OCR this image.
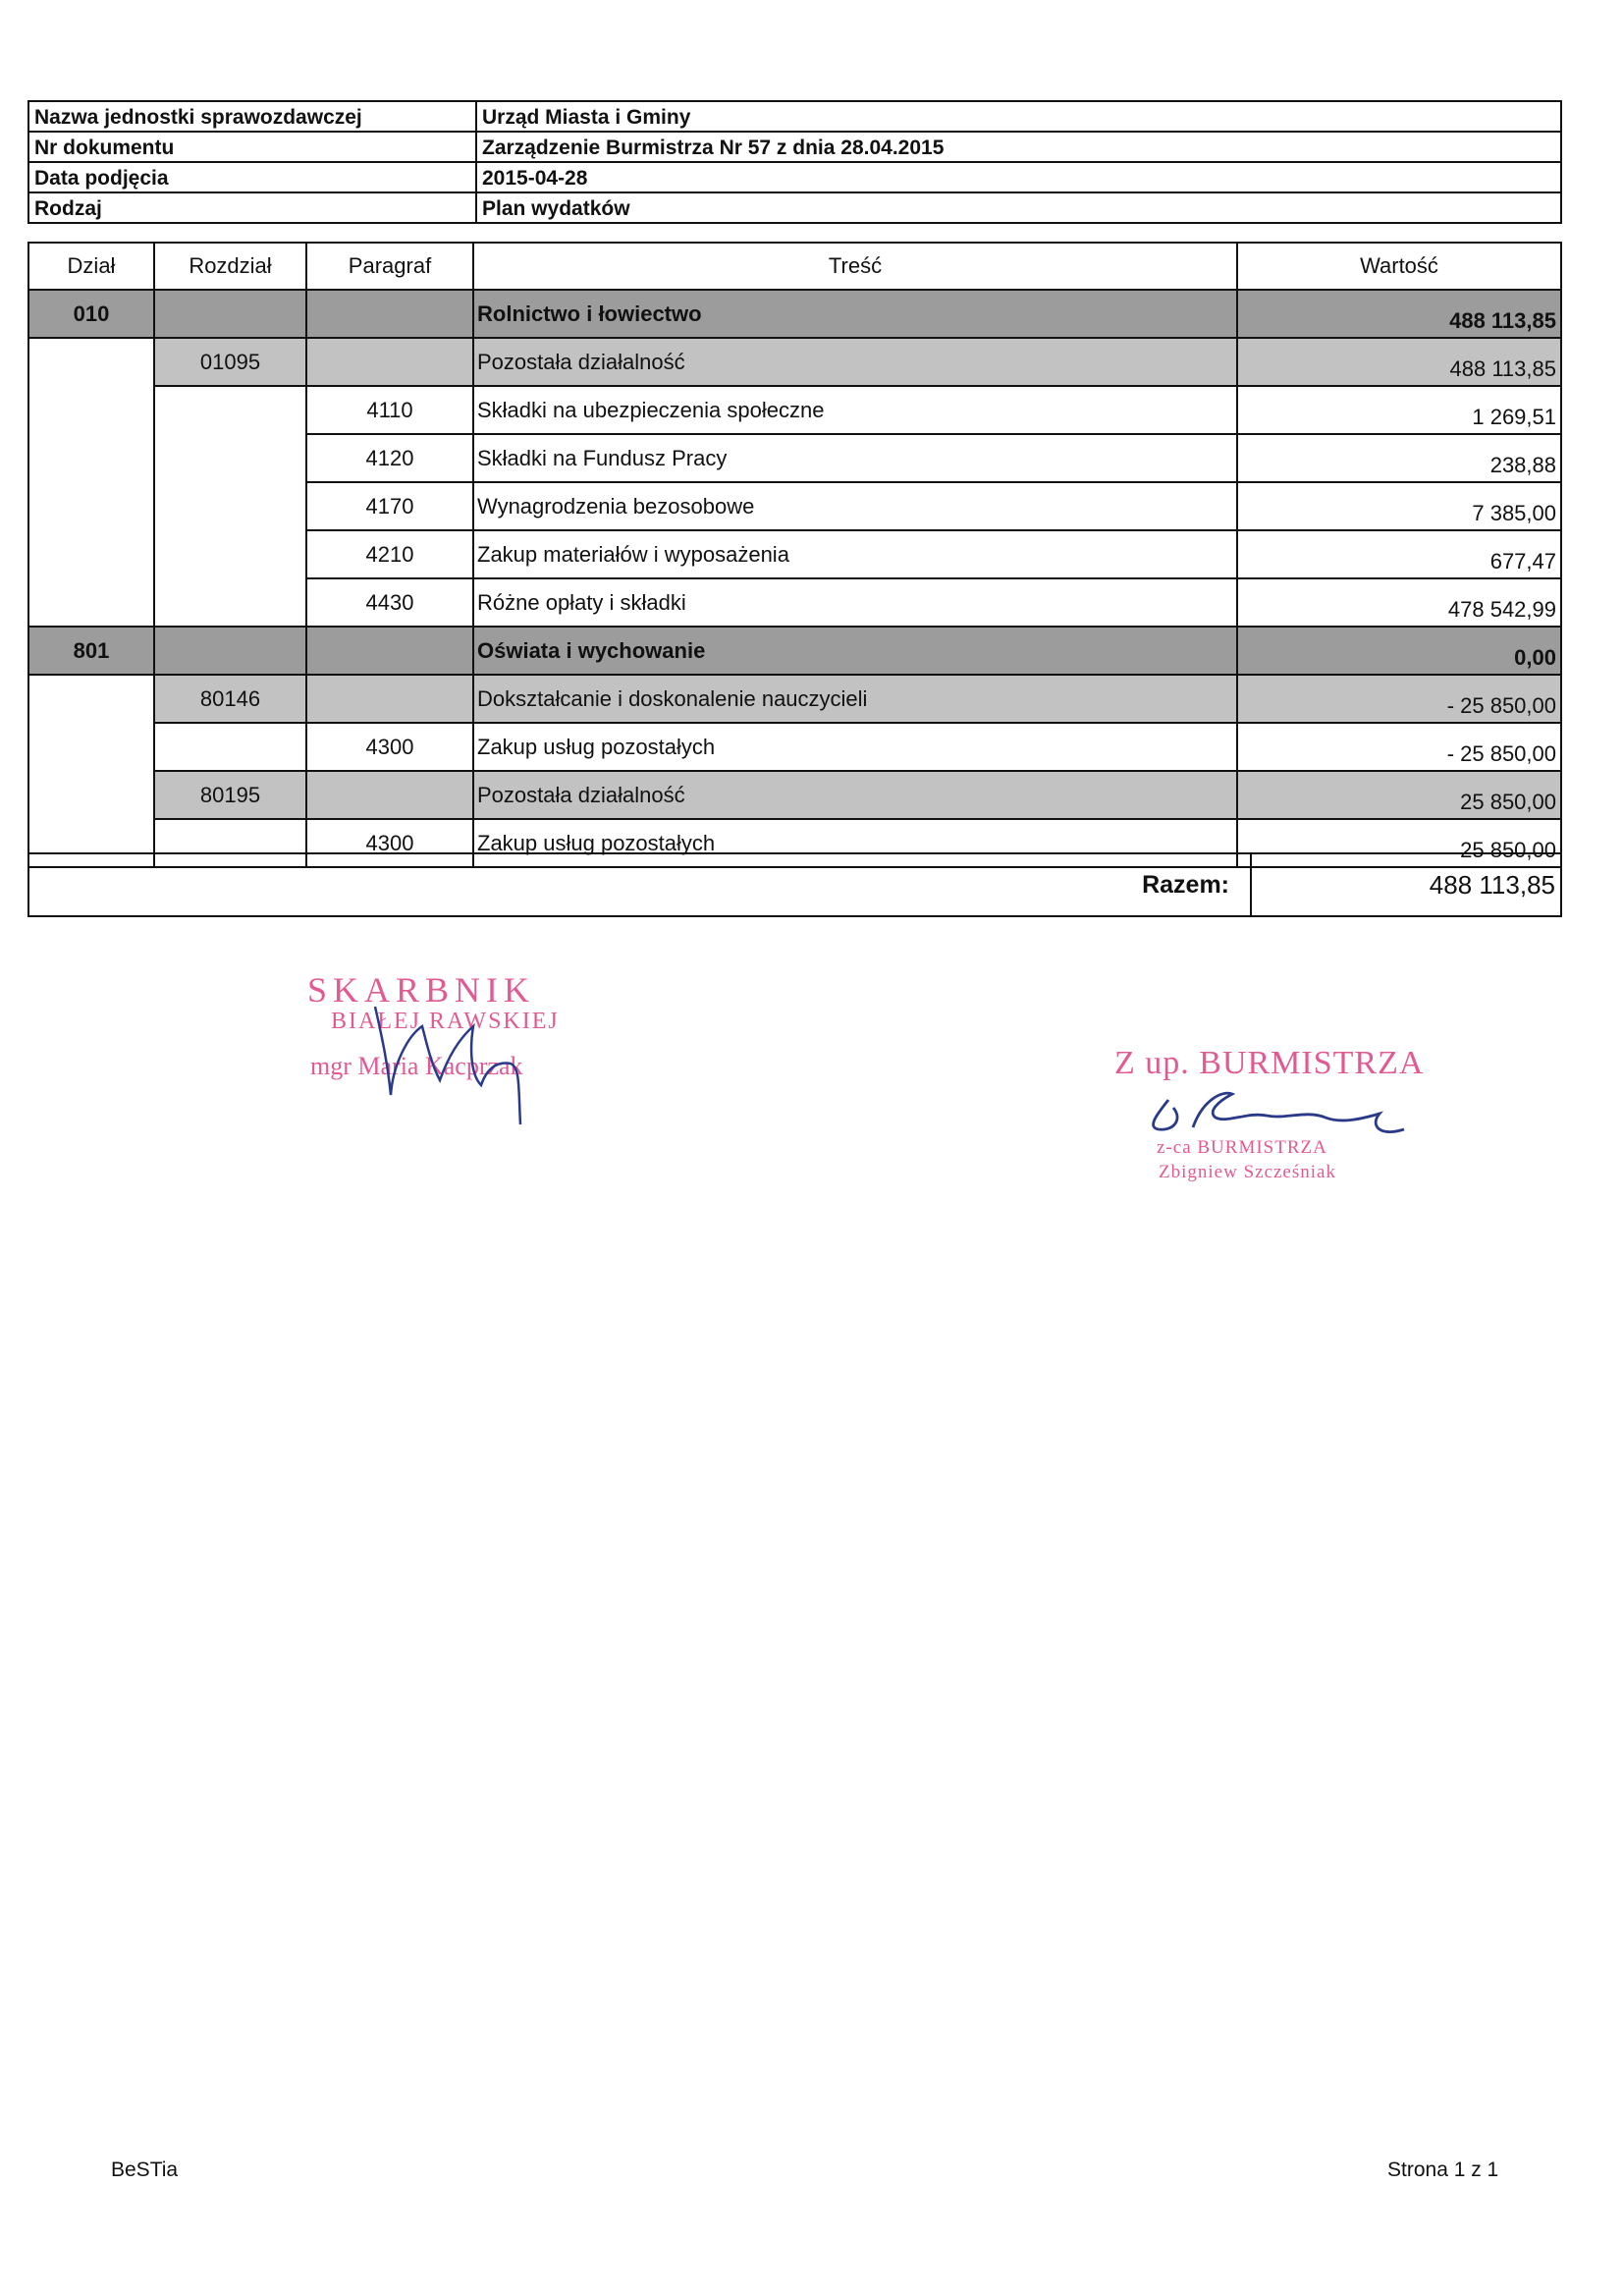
Nazwa jednostki sprawozdawczej	Urząd Miasta i Gminy
Nr dokumentu	Zarządzenie Burmistrza Nr 57 z dnia 28.04.2015
Data podjęcia	2015-04-28
Rodzaj	Plan wydatków
Dział	Rozdział	Paragraf	Treść	Wartość
010			Rolnictwo i łowiectwo	488 113,85
	01095		Pozostała działalność	488 113,85
		4110	Składki na ubezpieczenia społeczne	1 269,51
		4120	Składki na Fundusz Pracy	238,88
		4170	Wynagrodzenia bezosobowe	7 385,00
		4210	Zakup materiałów i wyposażenia	677,47
		4430	Różne opłaty i składki	478 542,99
801			Oświata i wychowanie	0,00
	80146		Dokształcanie i doskonalenie nauczycieli	- 25 850,00
		4300	Zakup usług pozostałych	- 25 850,00
	80195		Pozostała działalność	25 850,00
		4300	Zakup usług pozostałych	25 850,00
Razem:	488 113,85
SKARBNIK
BIAŁEJ RAWSKIEJ
mgr Maria Kacprzak	Z up. BURMISTRZA
z-ca BURMISTRZA
Zbigniew Szcześniak
BeSTia	Strona 1 z 1
